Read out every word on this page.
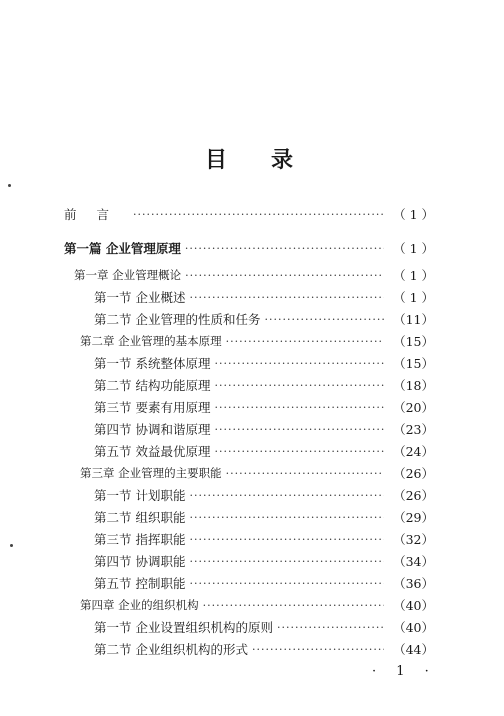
目录
前言 ·····	（ 1 ）
第一篇 企业管理原理 ·····	（ 1 ）
第一章 企业管理概论 ·····	（ 1 ）
第一节 企业概述 ·····	（ 1 ）
第二节 企业管理的性质和任务 ·····	（11）
第二章 企业管理的基本原理 ·····	（15）
第一节 系统整体原理 ·····	（15）
第二节 结构功能原理 ·····	（18）
第三节 要素有用原理 ·····	（20）
第四节 协调和谐原理 ·····	（23）
第五节 效益最优原理 ·····	（24）
第三章 企业管理的主要职能 ·····	（26）
第一节 计划职能 ·····	（26）
第二节 组织职能 ·····	（29）
第三节 指挥职能 ·····	（32）
第四节 协调职能 ·····	（34）
第五节 控制职能 ·····	（36）
第四章 企业的组织机构 ·····	（40）
第一节 企业设置组织机构的原则 ·····	（40）
第二节 企业组织机构的形式 ·····	（44）
· 1 ·
